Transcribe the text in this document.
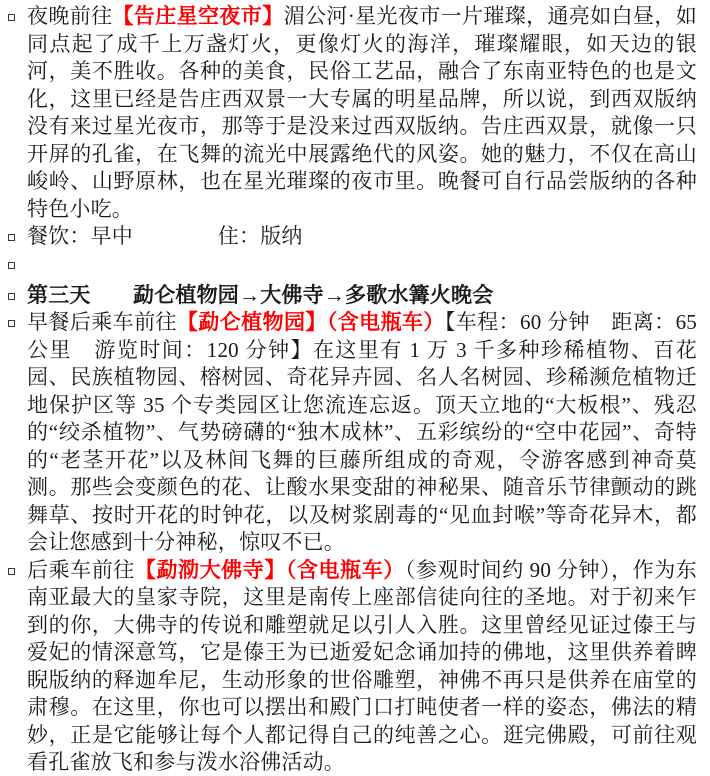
夜晚前往【告庄星空夜市】湄公河·星光夜市一片璀璨，通亮如白昼，如同点起了成千上万盏灯火，更像灯火的海洋，璀璨耀眼，如天边的银河，美不胜收。各种的美食，民俗工艺品，融合了东南亚特色的也是文化，这里已经是告庄西双景一大专属的明星品牌，所以说，到西双版纳没有来过星光夜市，那等于是没来过西双版纳。告庄西双景，就像一只开屏的孔雀，在飞舞的流光中展露绝代的风姿。她的魅力，不仅在高山峻岭、山野原林，也在星光璀璨的夜市里。晚餐可自行品尝版纳的各种特色小吃。
餐饮：早中　　　　住：版纳
第三天　　勐仑植物园→大佛寺→多歌水篝火晚会
早餐后乘车前往【勐仑植物园】（含电瓶车）【车程：60 分钟　距离：65 公里　游览时间：120 分钟】在这里有 1 万 3 千多种珍稀植物、百花园、民族植物园、榕树园、奇花异卉园、名人名树园、珍稀濒危植物迁地保护区等 35 个专类园区让您流连忘返。顶天立地的“大板根”、残忍的“绞杀植物”、气势磅礴的“独木成林”、五彩缤纷的“空中花园”、奇特的“老茎开花”以及林间飞舞的巨藤所组成的奇观，令游客感到神奇莫测。那些会变颜色的花、让酸水果变甜的神秘果、随音乐节律颤动的跳舞草、按时开花的时钟花，以及树浆剧毒的“见血封喉”等奇花异木，都会让您感到十分神秘，惊叹不已。
后乘车前往【勐泐大佛寺】（含电瓶车）（参观时间约 90 分钟），作为东南亚最大的皇家寺院，这里是南传上座部信徒向往的圣地。对于初来乍到的你，大佛寺的传说和雕塑就足以引人入胜。这里曾经见证过傣王与爱妃的情深意笃，它是傣王为已逝爱妃念诵加持的佛地，这里供养着睥睨版纳的释迦牟尼，生动形象的世俗雕塑，神佛不再只是供养在庙堂的肃穆。在这里，你也可以摆出和殿门口打盹使者一样的姿态，佛法的精妙，正是它能够让每个人都记得自己的纯善之心。逛完佛殿，可前往观看孔雀放飞和参与泼水浴佛活动。
